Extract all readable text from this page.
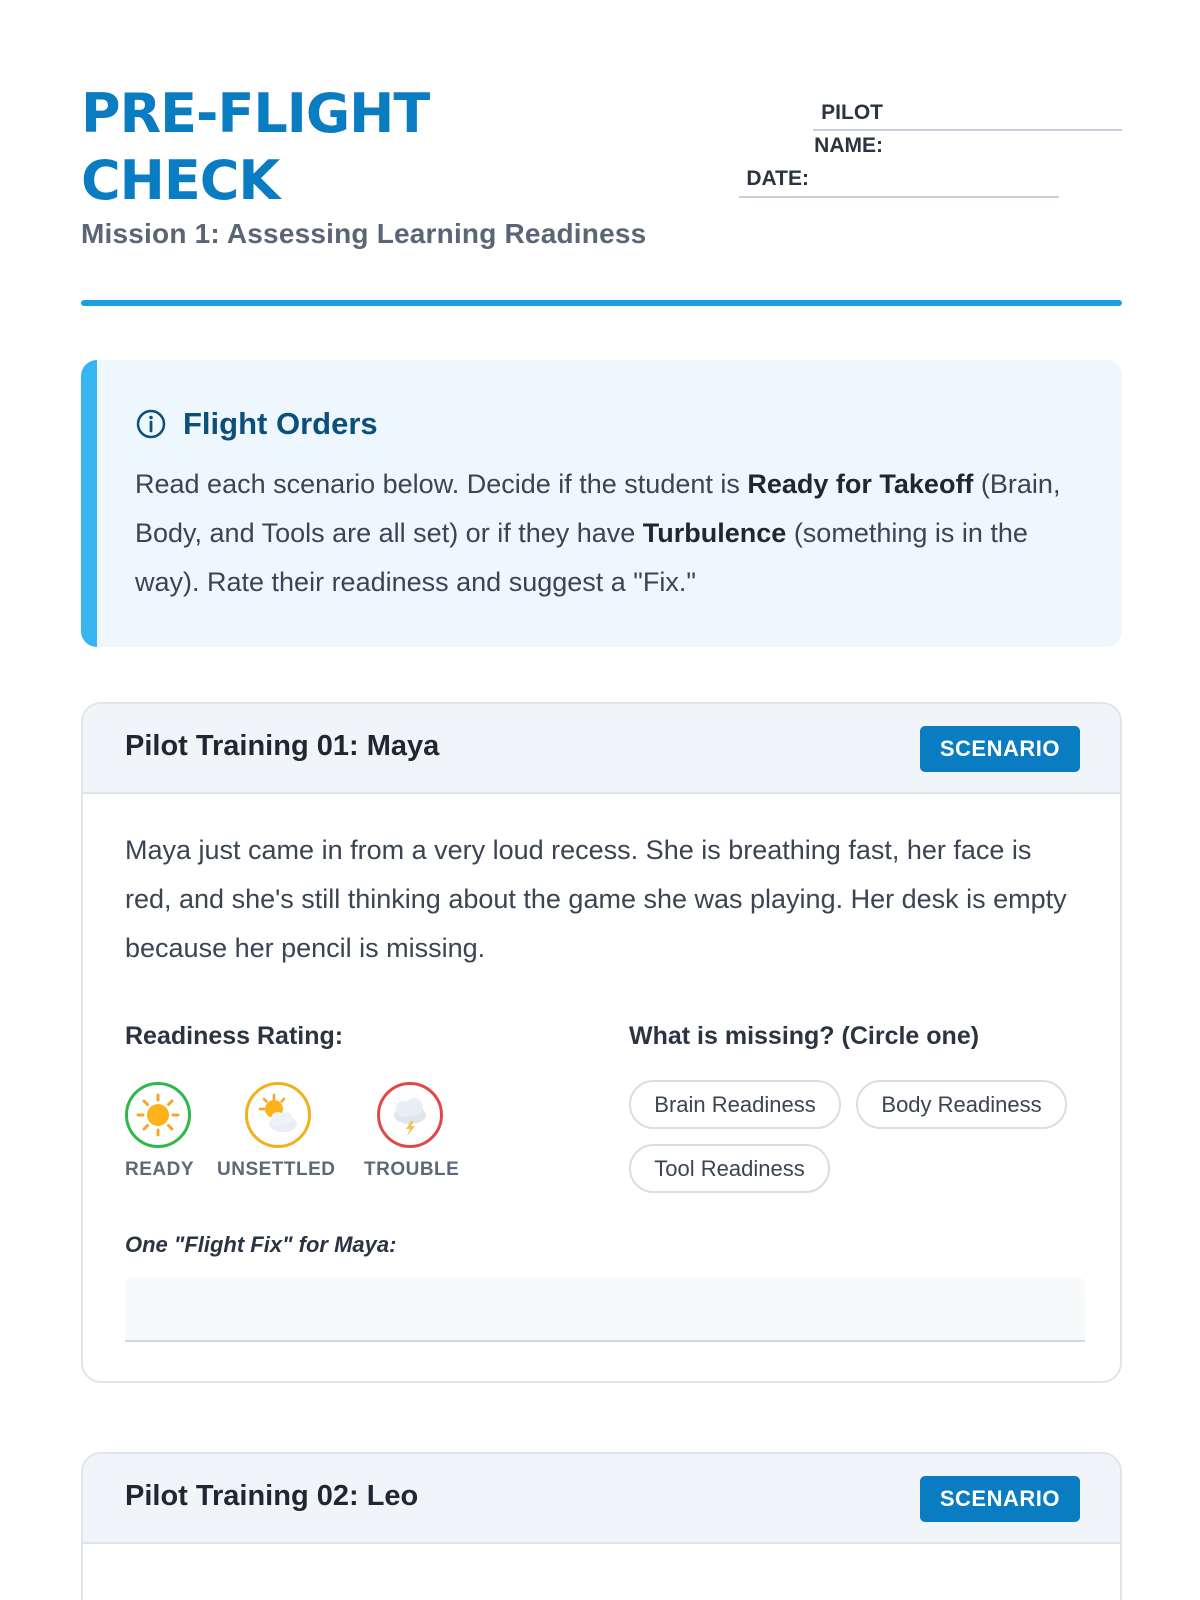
PRE-FLIGHT
CHECK
Mission 1: Assessing Learning Readiness
PILOT
NAME:
DATE:
Flight Orders
Read each scenario below. Decide if the student is Ready for Takeoff (Brain, Body, and Tools are all set) or if they have Turbulence (something is in the way). Rate their readiness and suggest a "Fix."
Pilot Training 01: Maya	SCENARIO
Maya just came in from a very loud recess. She is breathing fast, her face is red, and she's still thinking about the game she was playing. Her desk is empty because her pencil is missing.
Readiness Rating:
READY UNSETTLED TROUBLE
What is missing? (Circle one)
Brain Readiness	Body Readiness
Tool Readiness
One "Flight Fix" for Maya:
Pilot Training 02: Leo	SCENARIO
